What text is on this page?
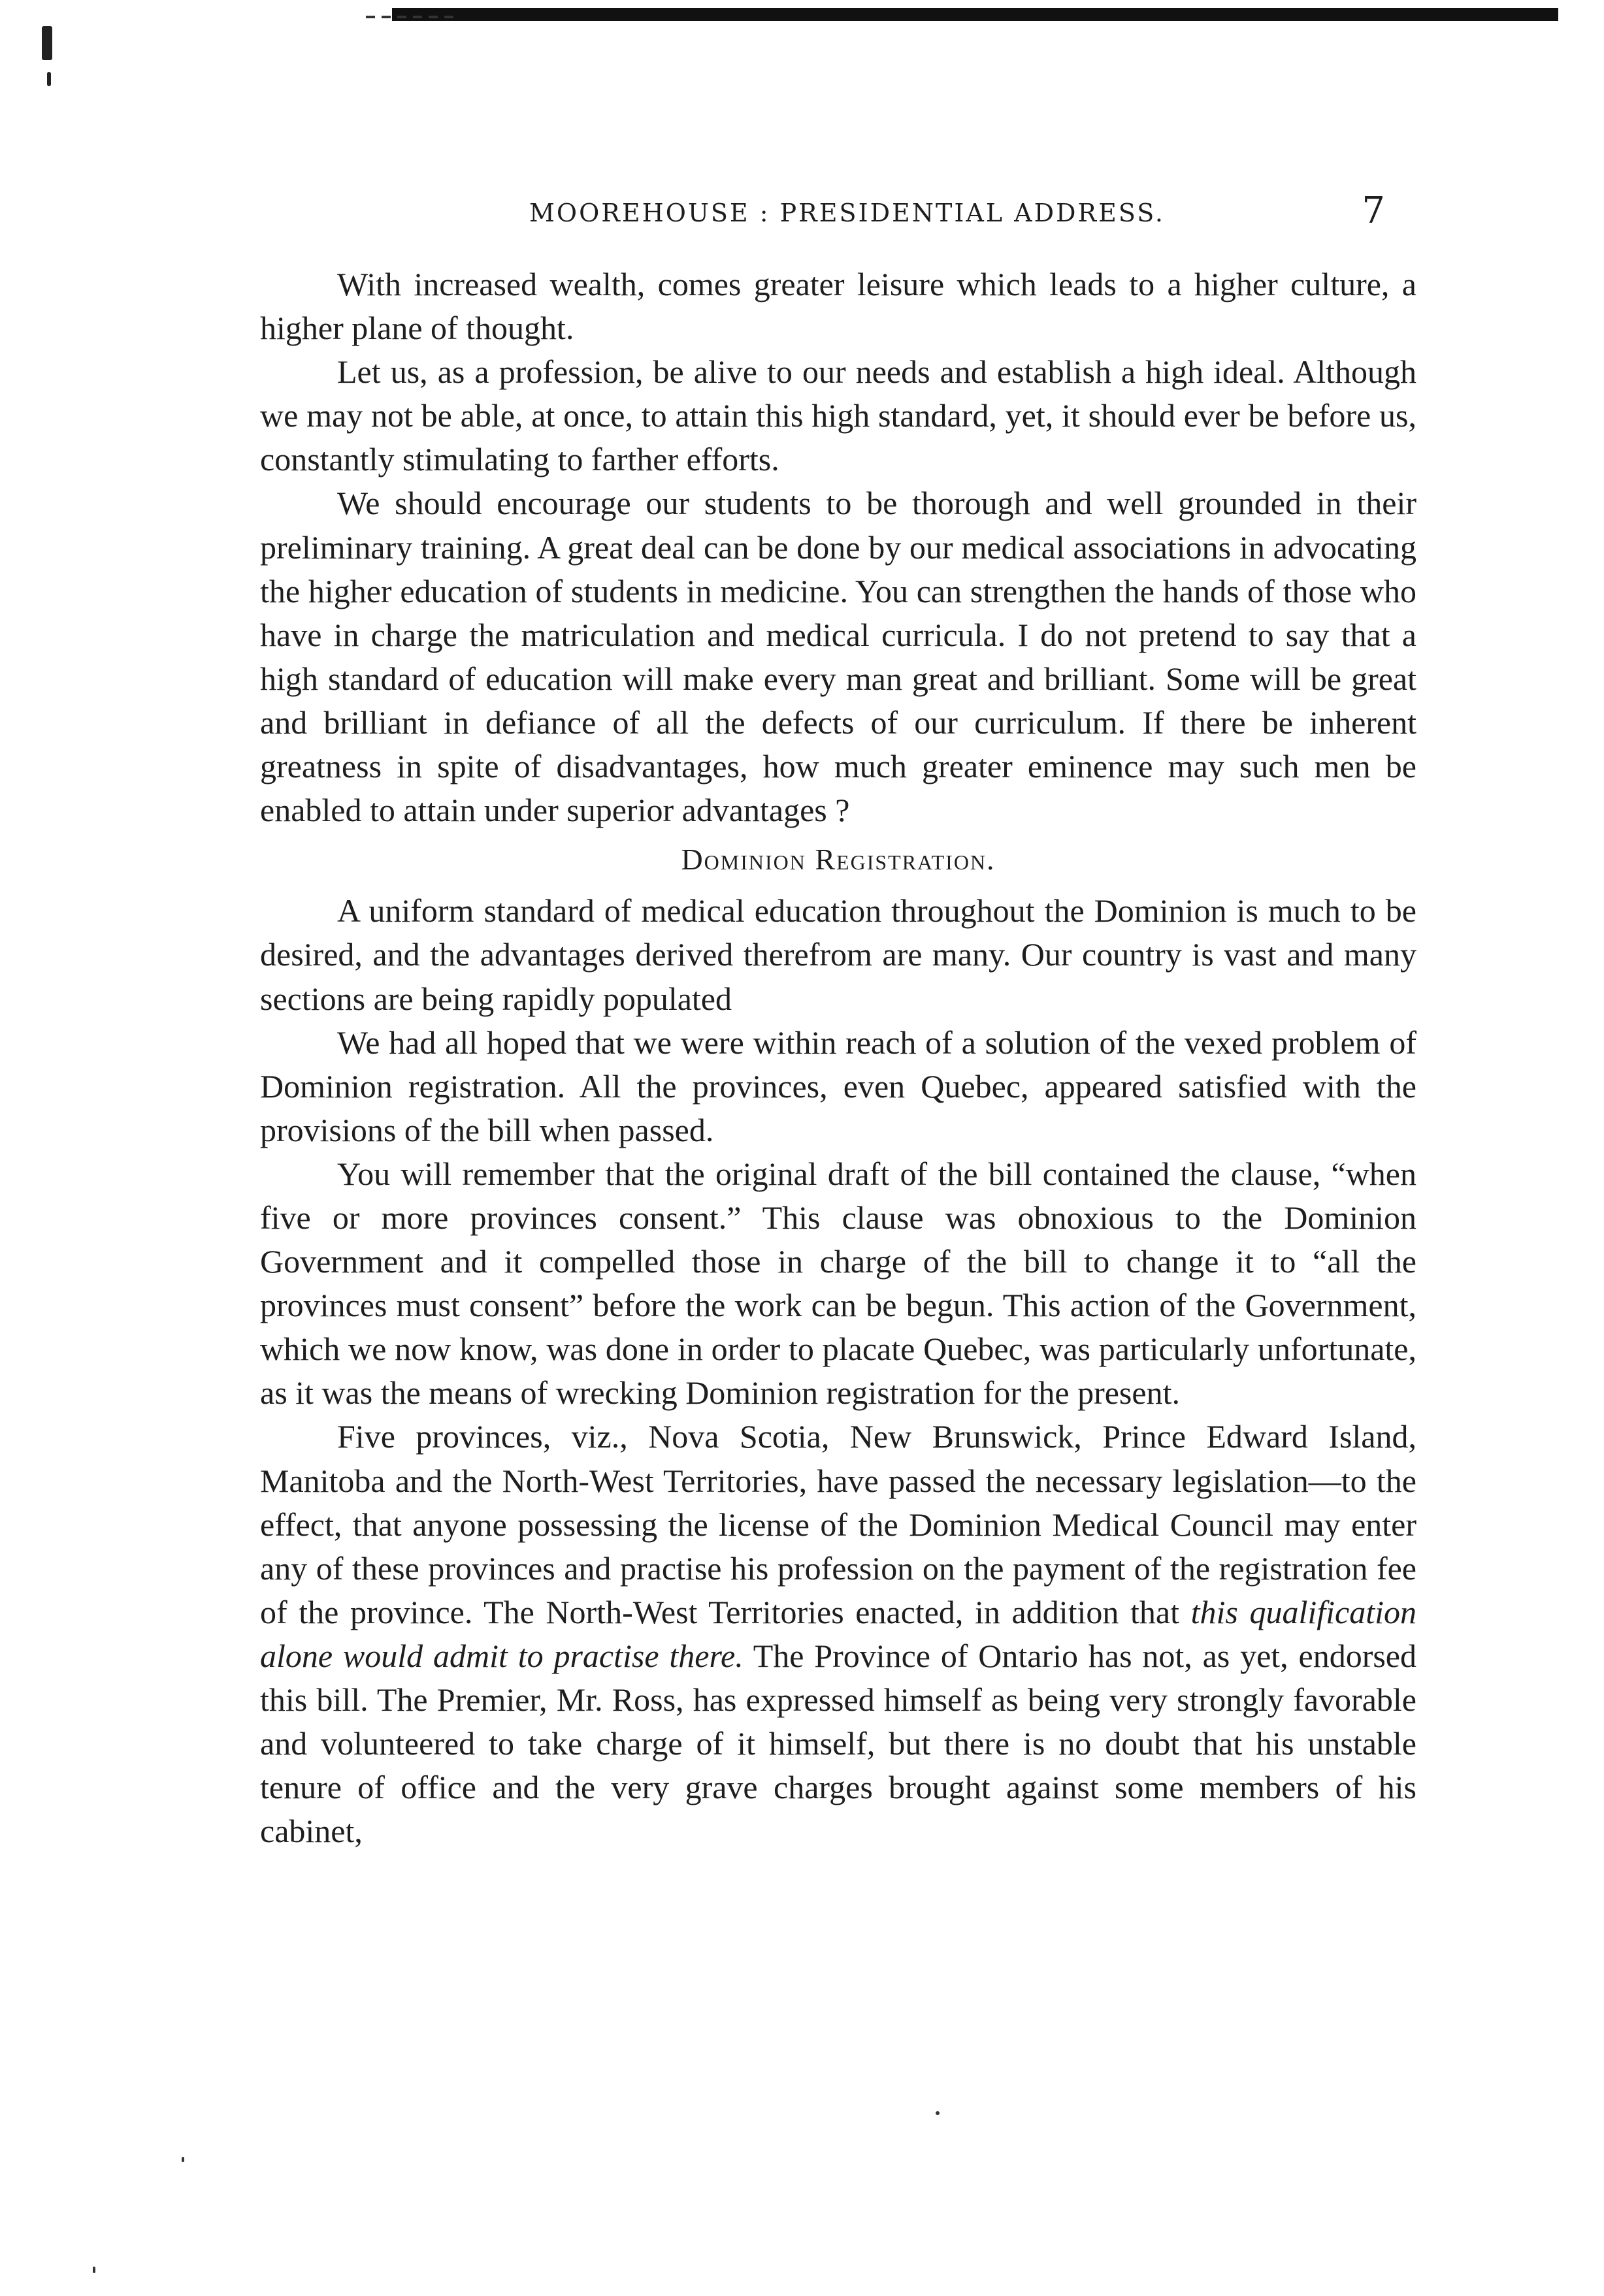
MOOREHOUSE : PRESIDENTIAL ADDRESS.	7

With increased wealth, comes greater leisure which leads to a higher culture, a higher plane of thought.

Let us, as a profession, be alive to our needs and establish a high ideal. Although we may not be able, at once, to attain this high standard, yet, it should ever be before us, constantly stimulating to farther efforts.

We should encourage our students to be thorough and well grounded in their preliminary training. A great deal can be done by our medical associations in advocating the higher education of students in medicine. You can strengthen the hands of those who have in charge the matriculation and medical curricula. I do not pretend to say that a high standard of education will make every man great and brilliant. Some will be great and brilliant in defiance of all the defects of our curriculum. If there be inherent greatness in spite of disadvantages, how much greater eminence may such men be enabled to attain under superior advantages ?

Dominion Registration.

A uniform standard of medical education throughout the Dominion is much to be desired, and the advantages derived therefrom are many. Our country is vast and many sections are being rapidly populated

We had all hoped that we were within reach of a solution of the vexed problem of Dominion registration. All the provinces, even Quebec, appeared satisfied with the provisions of the bill when passed.

You will remember that the original draft of the bill contained the clause, “when five or more provinces consent.” This clause was obnoxious to the Dominion Government and it compelled those in charge of the bill to change it to “all the provinces must consent” before the work can be begun. This action of the Government, which we now know, was done in order to placate Quebec, was particularly unfortunate, as it was the means of wrecking Dominion registration for the present.

Five provinces, viz., Nova Scotia, New Brunswick, Prince Edward Island, Manitoba and the North-West Territories, have passed the necessary legislation—to the effect, that anyone possessing the license of the Dominion Medical Council may enter any of these provinces and practise his profession on the payment of the registration fee of the province. The North-West Territories enacted, in addition that this qualification alone would admit to practise there. The Province of Ontario has not, as yet, endorsed this bill. The Premier, Mr. Ross, has expressed himself as being very strongly favorable and volunteered to take charge of it himself, but there is no doubt that his unstable tenure of office and the very grave charges brought against some members of his cabinet,
